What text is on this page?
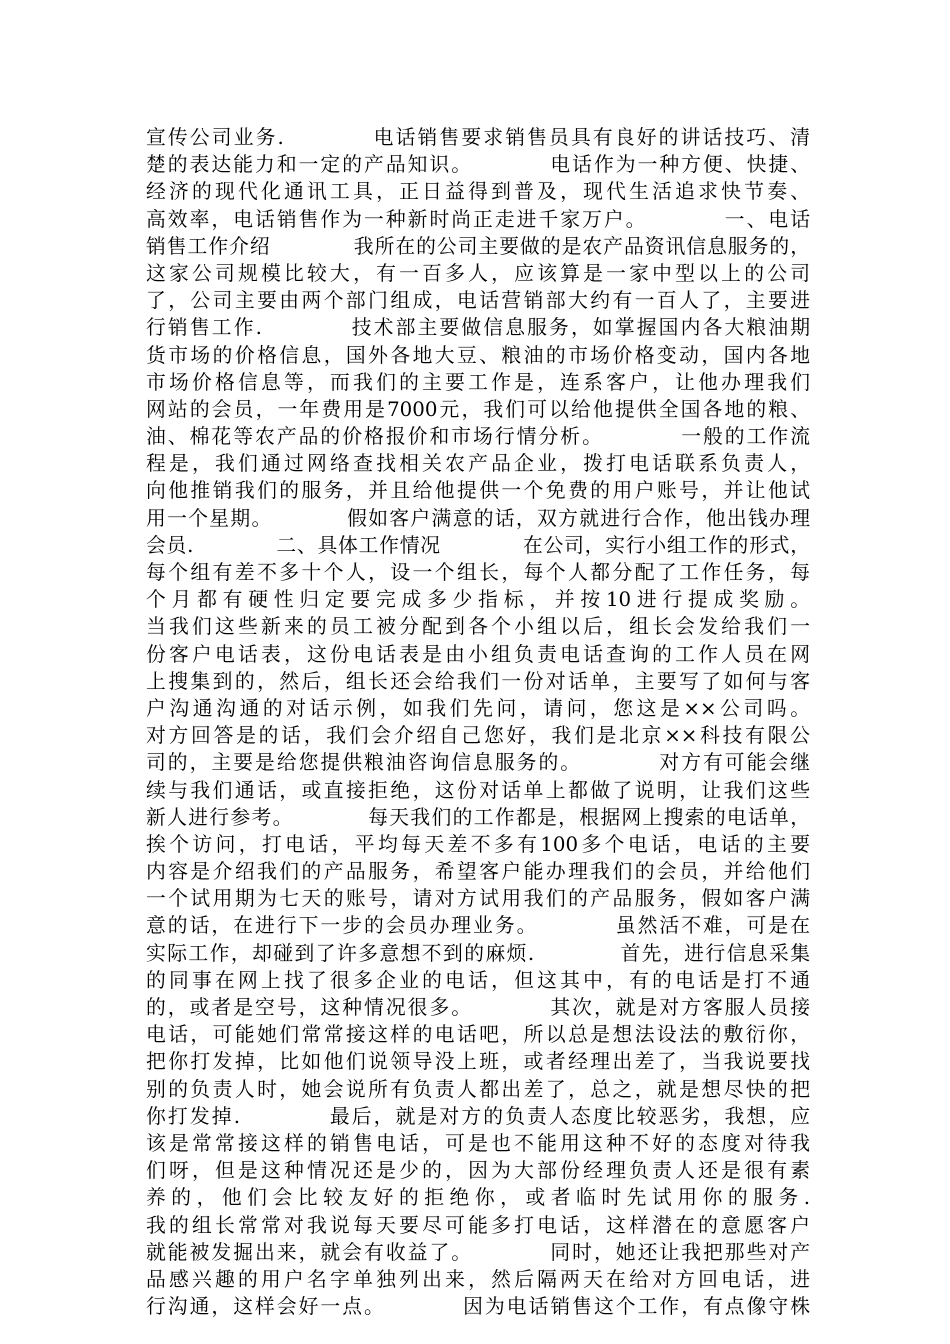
宣传公司业务.　　　　电话销售要求销售员具有良好的讲话技巧、清
楚的表达能力和一定的产品知识。　　　　电话作为一种方便、快捷、
经济的现代化通讯工具，正日益得到普及，现代生活追求快节奏、
高效率，电话销售作为一种新时尚正走进千家万户。　　　　一、电话
销售工作介绍　　　　我所在的公司主要做的是农产品资讯信息服务的，
这家公司规模比较大，有一百多人，应该算是一家中型以上的公司
了，公司主要由两个部门组成，电话营销部大约有一百人了，主要进
行销售工作.　　　　技术部主要做信息服务，如掌握国内各大粮油期
货市场的价格信息，国外各地大豆、粮油的市场价格变动，国内各地
市场价格信息等，而我们的主要工作是，连系客户，让他办理我们
网站的会员，一年费用是7000元，我们可以给他提供全国各地的粮、
油、棉花等农产品的价格报价和市场行情分析。　　　　一般的工作流
程是，我们通过网络查找相关农产品企业，拨打电话联系负责人，
向他推销我们的服务，并且给他提供一个免费的用户账号，并让他试
用一个星期。　　　　假如客户满意的话，双方就进行合作，他出钱办理
会员.　　　　二、具体工作情况　　　　在公司，实行小组工作的形式，
每个组有差不多十个人，设一个组长，每个人都分配了工作任务，每
个月都有硬性归定要完成多少指标，并按10进行提成奖励。
当我们这些新来的员工被分配到各个小组以后，组长会发给我们一
份客户电话表，这份电话表是由小组负责电话查询的工作人员在网
上搜集到的，然后，组长还会给我们一份对话单，主要写了如何与客
户沟通沟通的对话示例，如我们先问，请问，您这是××公司吗。
对方回答是的话，我们会介绍自己您好，我们是北京××科技有限公
司的，主要是给您提供粮油咨询信息服务的。　　　　对方有可能会继
续与我们通话，或直接拒绝，这份对话单上都做了说明，让我们这些
新人进行参考。　　　　每天我们的工作都是，根据网上搜索的电话单，
挨个访问，打电话，平均每天差不多有100多个电话，电话的主要
内容是介绍我们的产品服务，希望客户能办理我们的会员，并给他们
一个试用期为七天的账号，请对方试用我们的产品服务，假如客户满
意的话，在进行下一步的会员办理业务。　　　　虽然活不难，可是在
实际工作，却碰到了许多意想不到的麻烦.　　　　首先，进行信息采集
的同事在网上找了很多企业的电话，但这其中，有的电话是打不通
的，或者是空号，这种情况很多。　　　　其次，就是对方客服人员接
电话，可能她们常常接这样的电话吧，所以总是想法设法的敷衍你，
把你打发掉，比如他们说领导没上班，或者经理出差了，当我说要找
别的负责人时，她会说所有负责人都出差了，总之，就是想尽快的把
你打发掉.　　　　最后，就是对方的负责人态度比较恶劣，我想，应
该是常常接这样的销售电话，可是也不能用这种不好的态度对待我
们呀，但是这种情况还是少的，因为大部份经理负责人还是很有素
养的，他们会比较友好的拒绝你，或者临时先试用你的服务.
我的组长常常对我说每天要尽可能多打电话，这样潜在的意愿客户
就能被发掘出来，就会有收益了。　　　　同时，她还让我把那些对产
品感兴趣的用户名字单独列出来，然后隔两天在给对方回电话，进
行沟通，这样会好一点。　　　　因为电话销售这个工作，有点像守株
